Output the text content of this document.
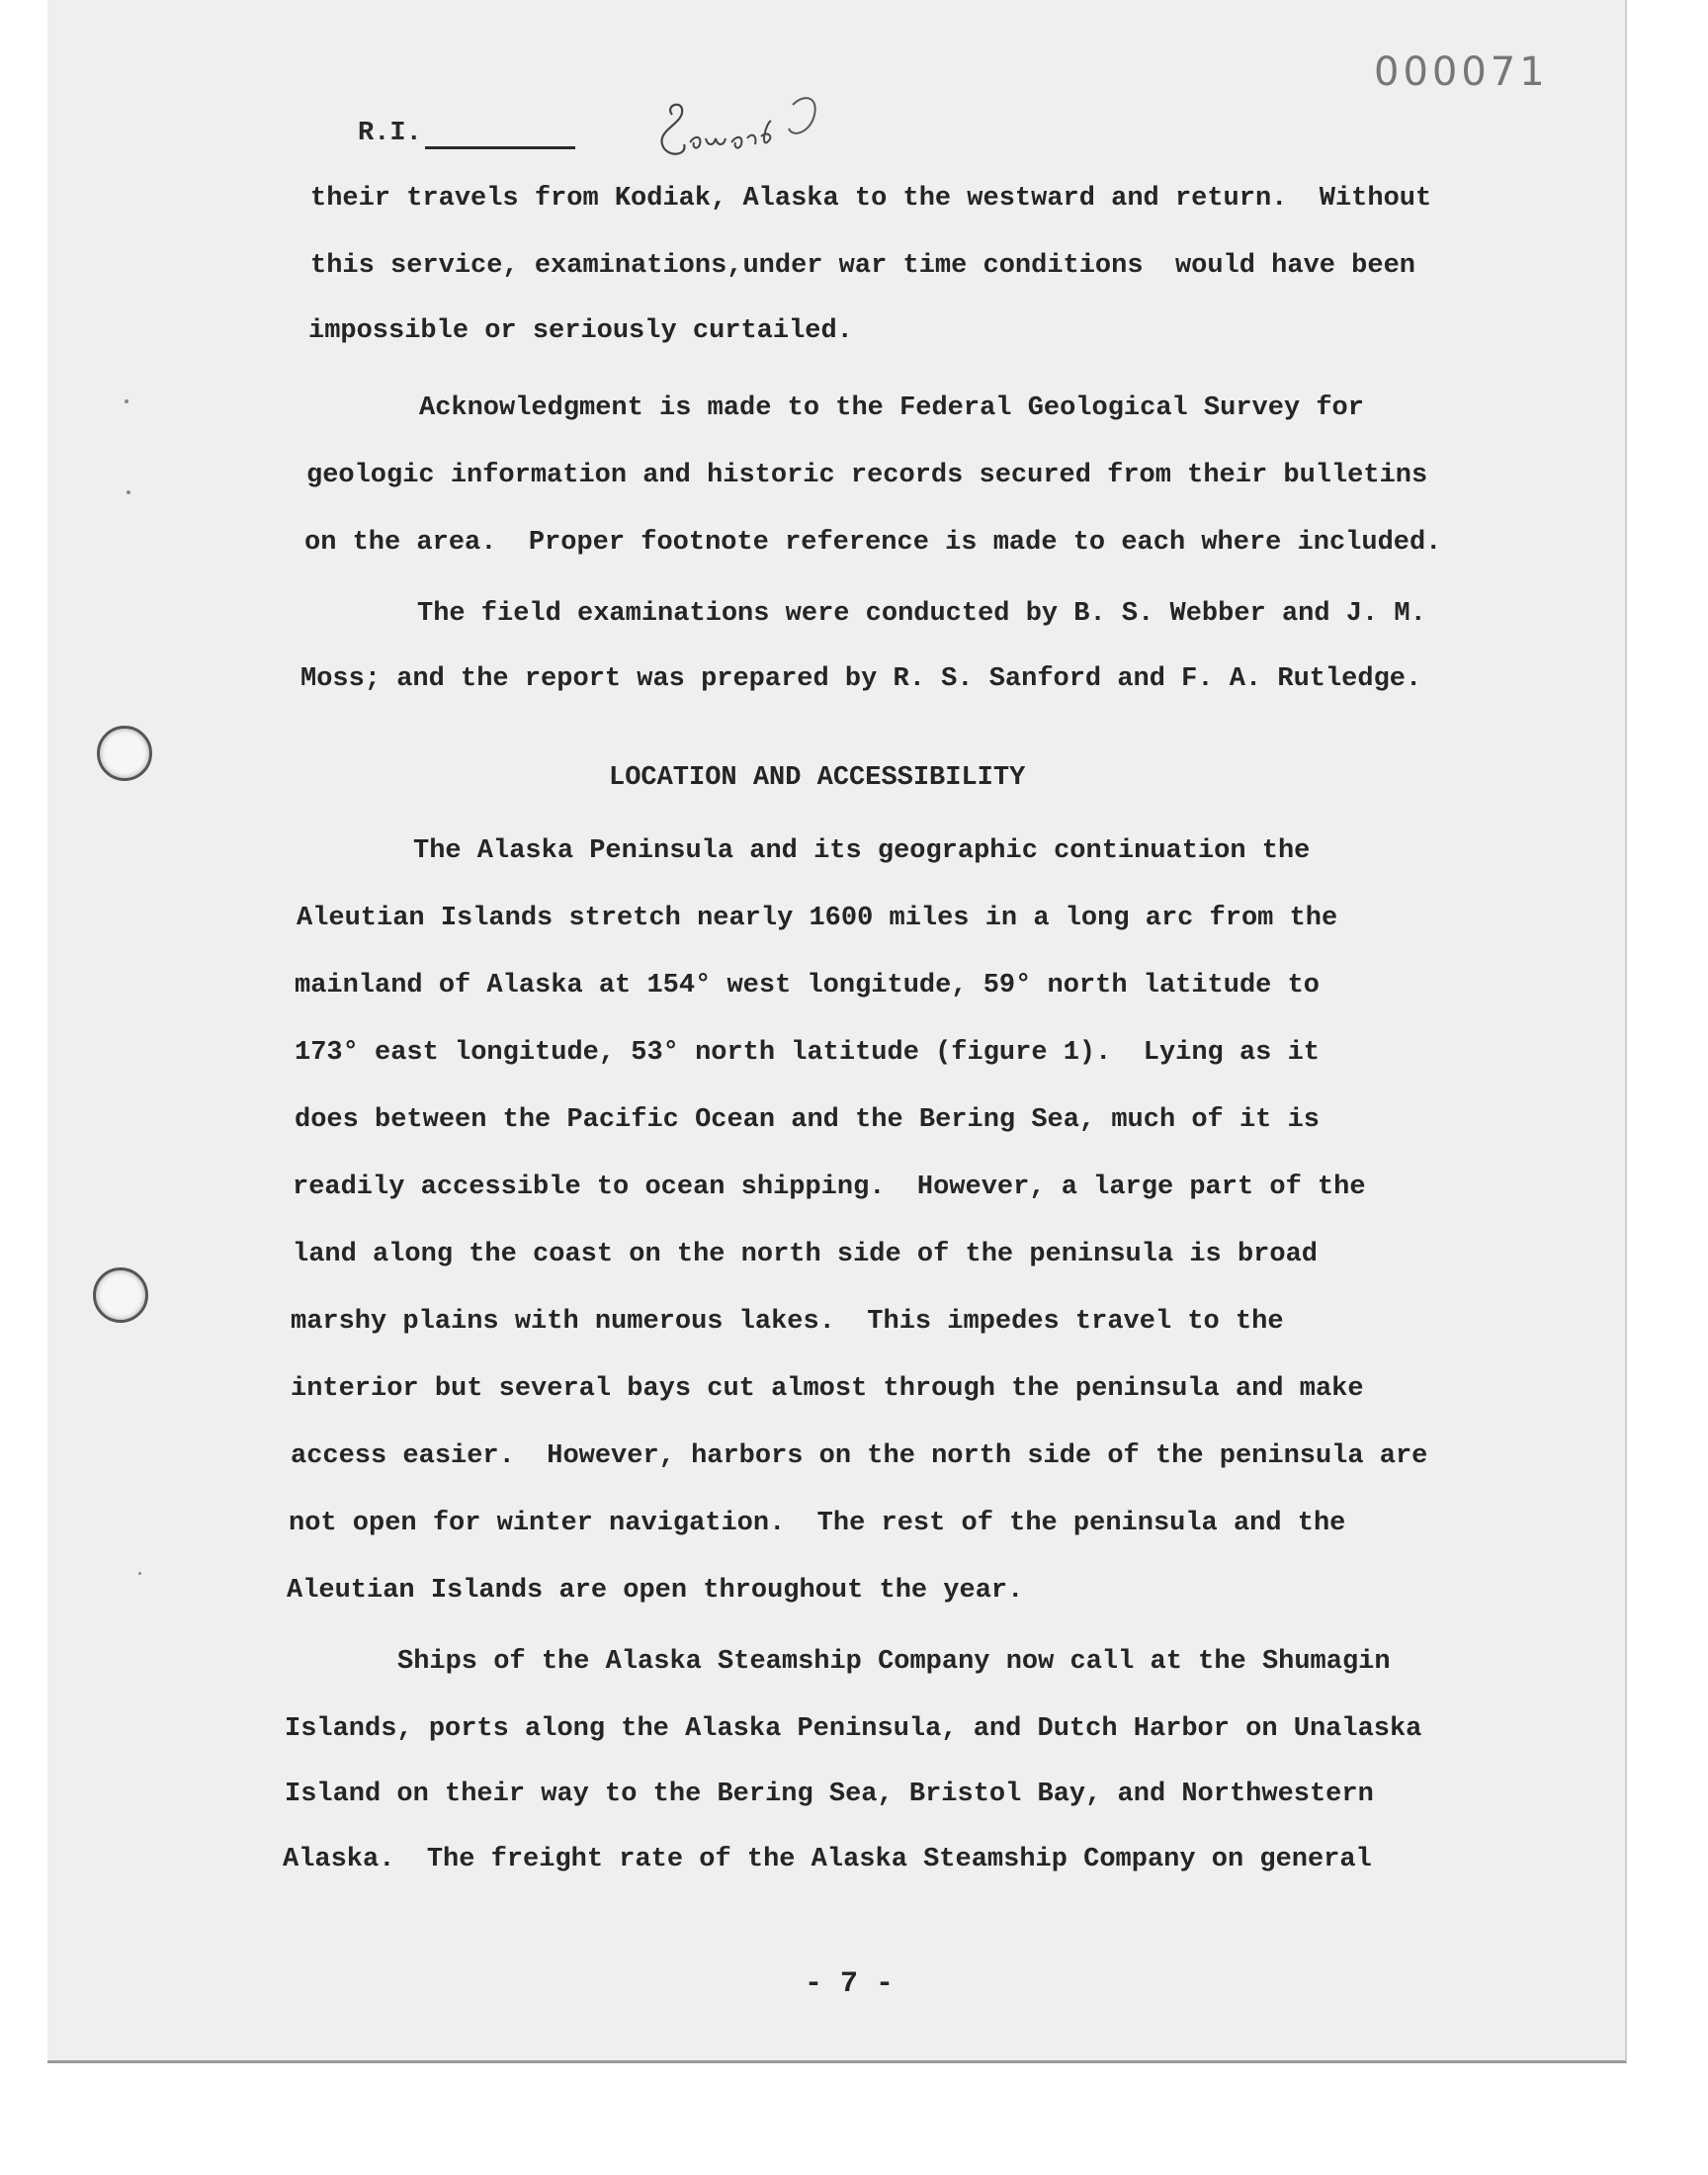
000071
R.I.
their travels from Kodiak, Alaska to the westward and return.  Without
this service, examinations,under war time conditions  would have been
impossible or seriously curtailed.
Acknowledgment is made to the Federal Geological Survey for
geologic information and historic records secured from their bulletins
on the area.  Proper footnote reference is made to each where included.
The field examinations were conducted by B. S. Webber and J. M.
Moss; and the report was prepared by R. S. Sanford and F. A. Rutledge.
LOCATION AND ACCESSIBILITY
The Alaska Peninsula and its geographic continuation the
Aleutian Islands stretch nearly 1600 miles in a long arc from the
mainland of Alaska at 154° west longitude, 59° north latitude to
173° east longitude, 53° north latitude (figure 1).  Lying as it
does between the Pacific Ocean and the Bering Sea, much of it is
readily accessible to ocean shipping.  However, a large part of the
land along the coast on the north side of the peninsula is broad
marshy plains with numerous lakes.  This impedes travel to the
interior but several bays cut almost through the peninsula and make
access easier.  However, harbors on the north side of the peninsula are
not open for winter navigation.  The rest of the peninsula and the
Aleutian Islands are open throughout the year.
Ships of the Alaska Steamship Company now call at the Shumagin
Islands, ports along the Alaska Peninsula, and Dutch Harbor on Unalaska
Island on their way to the Bering Sea, Bristol Bay, and Northwestern
Alaska.  The freight rate of the Alaska Steamship Company on general
- 7 -
